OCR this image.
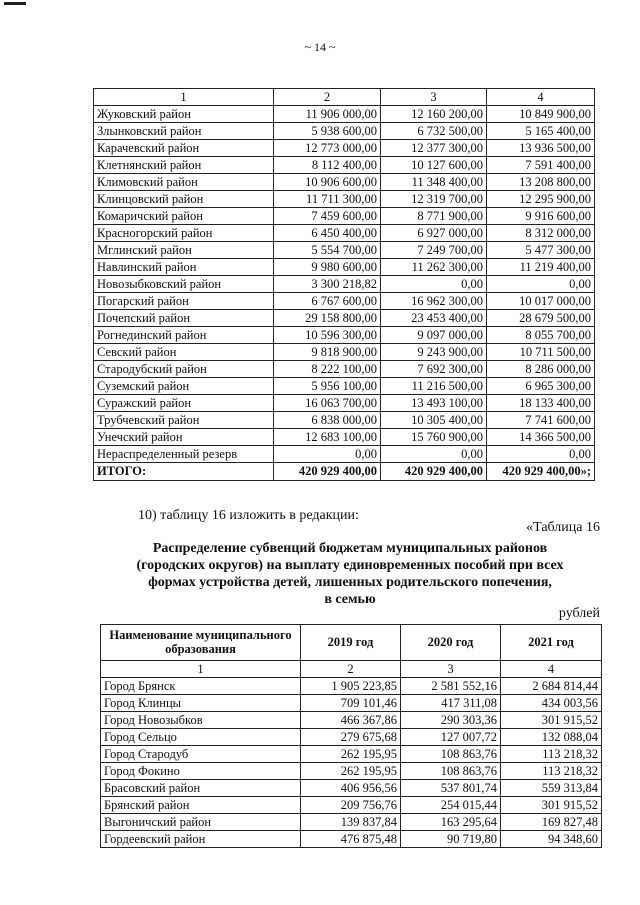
~ 14 ~
1	2	3	4
Жуковский район	11 906 000,00	12 160 200,00	10 849 900,00
Злынковский район	5 938 600,00	6 732 500,00	5 165 400,00
Карачевский район	12 773 000,00	12 377 300,00	13 936 500,00
Клетнянский район	8 112 400,00	10 127 600,00	7 591 400,00
Климовский район	10 906 600,00	11 348 400,00	13 208 800,00
Клинцовский район	11 711 300,00	12 319 700,00	12 295 900,00
Комаричский район	7 459 600,00	8 771 900,00	9 916 600,00
Красногорский район	6 450 400,00	6 927 000,00	8 312 000,00
Мглинский район	5 554 700,00	7 249 700,00	5 477 300,00
Навлинский район	9 980 600,00	11 262 300,00	11 219 400,00
Новозыбковский район	3 300 218,82	0,00	0,00
Погарский район	6 767 600,00	16 962 300,00	10 017 000,00
Почепский район	29 158 800,00	23 453 400,00	28 679 500,00
Рогнединский район	10 596 300,00	9 097 000,00	8 055 700,00
Севский район	9 818 900,00	9 243 900,00	10 711 500,00
Стародубский район	8 222 100,00	7 692 300,00	8 286 000,00
Суземский район	5 956 100,00	11 216 500,00	6 965 300,00
Суражский район	16 063 700,00	13 493 100,00	18 133 400,00
Трубчевский район	6 838 000,00	10 305 400,00	7 741 600,00
Унечский район	12 683 100,00	15 760 900,00	14 366 500,00
Нераспределенный резерв	0,00	0,00	0,00
ИТОГО:	420 929 400,00	420 929 400,00	420 929 400,00»;
10) таблицу 16 изложить в редакции:
«Таблица 16
Распределение субвенций бюджетам муниципальных районов
(городских округов) на выплату единовременных пособий при всех
формах устройства детей, лишенных родительского попечения,
в семью
рублей
Наименование муниципального образования	2019 год	2020 год	2021 год
1	2	3	4
Город Брянск	1 905 223,85	2 581 552,16	2 684 814,44
Город Клинцы	709 101,46	417 311,08	434 003,56
Город Новозыбков	466 367,86	290 303,36	301 915,52
Город Сельцо	279 675,68	127 007,72	132 088,04
Город Стародуб	262 195,95	108 863,76	113 218,32
Город Фокино	262 195,95	108 863,76	113 218,32
Брасовский район	406 956,56	537 801,74	559 313,84
Брянский район	209 756,76	254 015,44	301 915,52
Выгоничский район	139 837,84	163 295,64	169 827,48
Гордеевский район	476 875,48	90 719,80	94 348,60
